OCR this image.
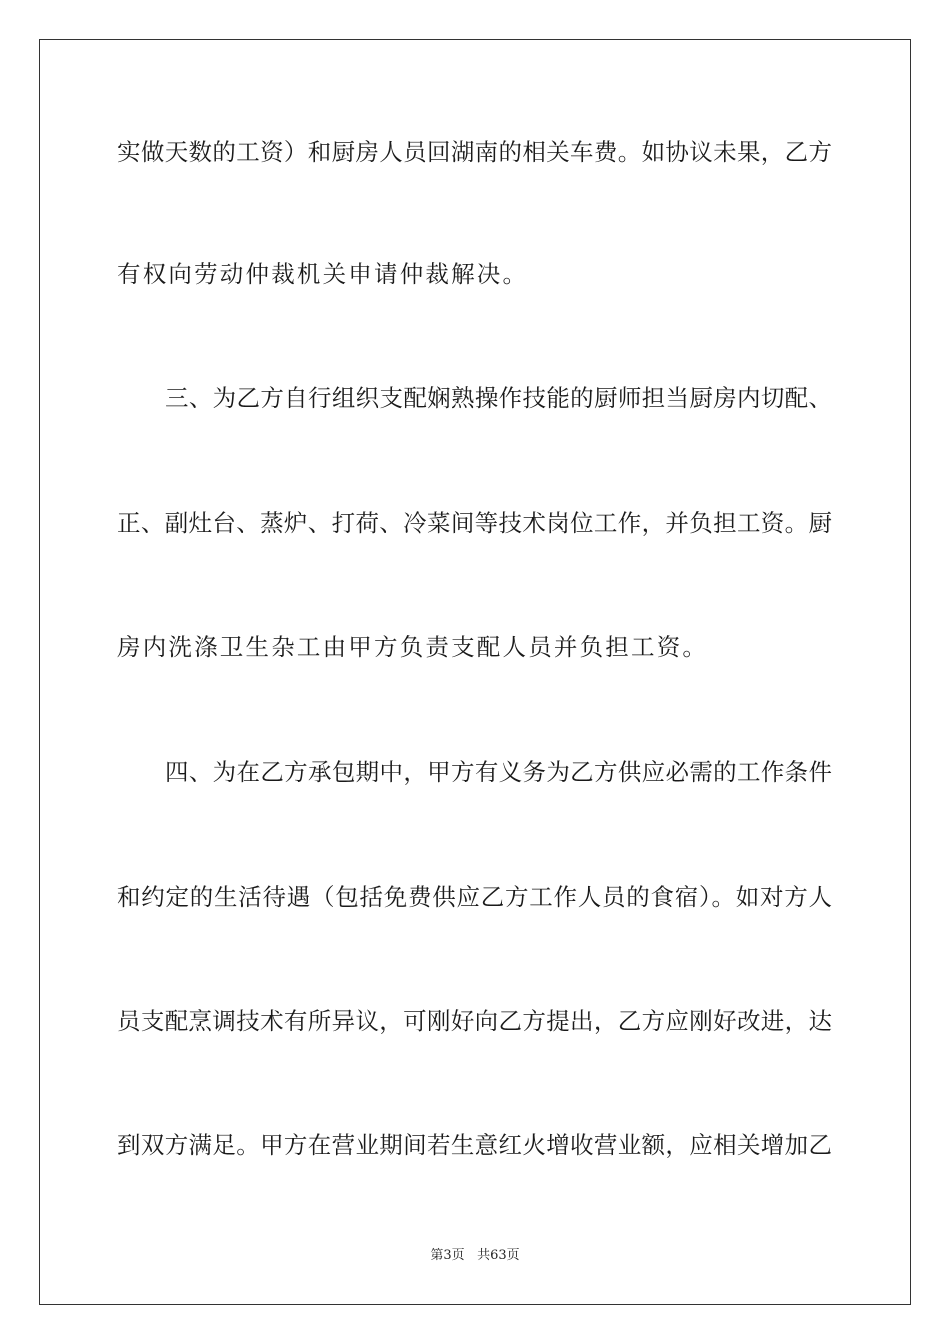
实做天数的工资）和厨房人员回湖南的相关车费。如协议未果，乙方
有权向劳动仲裁机关申请仲裁解决。
三、为乙方自行组织支配娴熟操作技能的厨师担当厨房内切配、
正、副灶台、蒸炉、打荷、冷菜间等技术岗位工作，并负担工资。厨
房内洗涤卫生杂工由甲方负责支配人员并负担工资。
四、为在乙方承包期中，甲方有义务为乙方供应必需的工作条件
和约定的生活待遇（包括免费供应乙方工作人员的食宿）。如对方人
员支配烹调技术有所异议，可刚好向乙方提出，乙方应刚好改进，达
到双方满足。甲方在营业期间若生意红火增收营业额，应相关增加乙
第3页 共63页
